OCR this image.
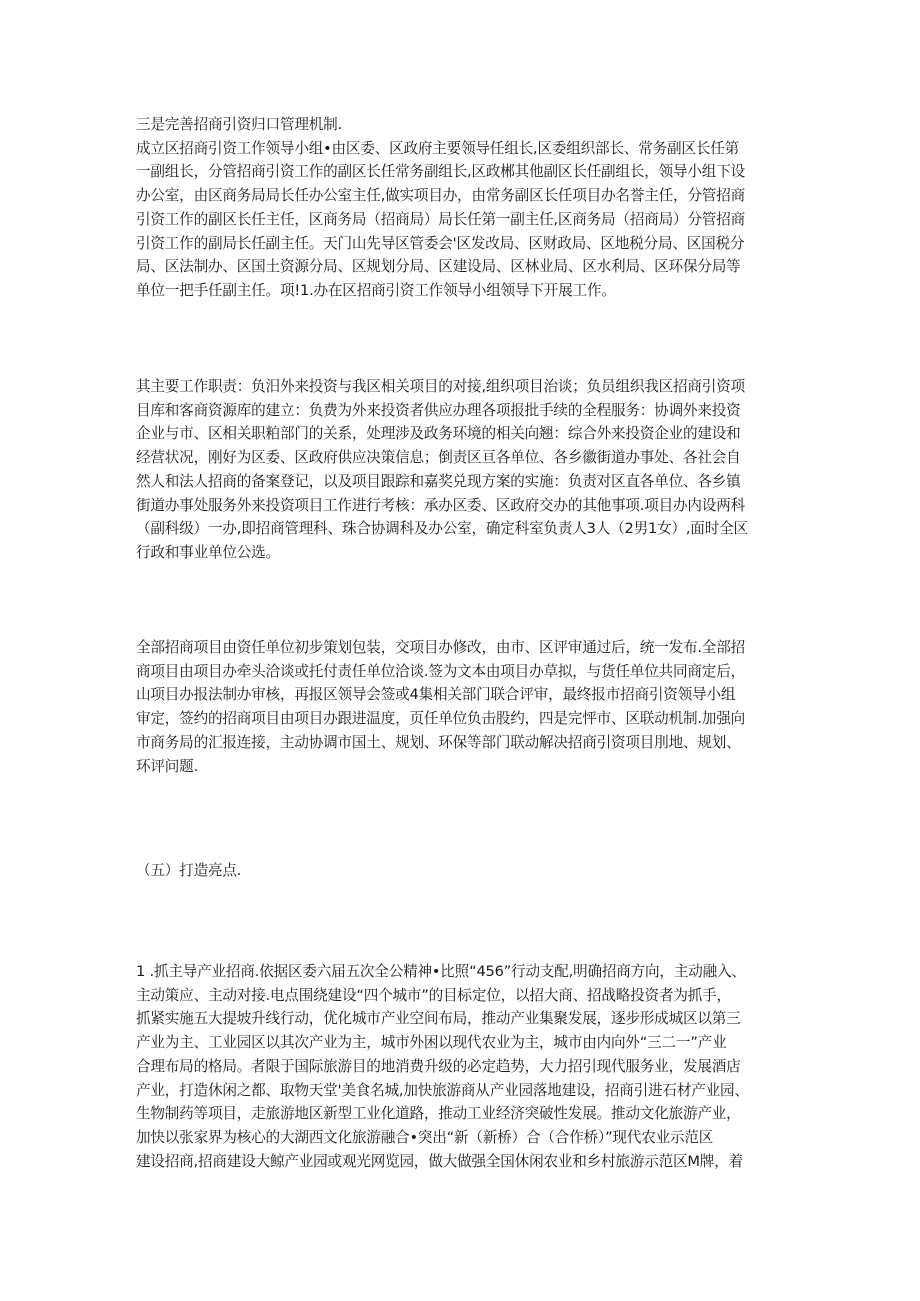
三是完善招商引资归口管理机制.
成立区招商引资工作领导小组•由区委、区政府主要领导任组长,区委组织部长、常务副区长任第
一副组长，分管招商引资工作的副区长任常务副组长,区政郴其他副区长任副组长，领导小组下设
办公室，由区商务局局长任办公室主任,做实项目办，由常务副区长任项目办名誉主任，分管招商
引资工作的副区长任主任，区商务局（招商局）局长任第一副主任,区商务局（招商局）分管招商
引资工作的副局长任副主任。天门山先导区管委会'区发改局、区财政局、区地税分局、区国税分
局、区法制办、区国土资源分局、区规划分局、区建设局、区林业局、区水利局、区环保分局等
单位一把手任副主任。项!1.办在区招商引资工作领导小组领导下开展工作。
其主要工作职责：负汨外来投资与我区相关项目的对接,组织项目治谈；负员组织我区招商引资项
目库和客商资源库的建立：负费为外来投资者供应办理各项报批手续的全程服务：协调外来投资
企业与市、区相关职粕部门的关系，处理涉及政务环境的相关向翘：综合外来投资企业的建设和
经营状况，刚好为区委、区政府供应决策信息；倒责区亘各单位、各乡徽街道办事处、各社会自
然人和法人招商的备案登记，以及项目跟踪和嘉奖兑现方案的实施：负责对区直各单位、各乡镇
街道办事处服务外来投资项目工作进行考核：承办区委、区政府交办的其他事项.项目办内设两科
（副科级）一办,即招商管理科、珠合协调科及办公室，确定科室负责人3人（2男1女）,面时全区
行政和事业单位公选。
全部招商项目由资任单位初步策划包装，交项目办修改，由市、区评审通过后，统一发布.全部招
商项目由项目办牵头洽谈或托付责任单位洽谈.签为文本由项目办草拟，与货任单位共同商定后，
山项目办报法制办审核，再报区领导会签或4集相关部门联合评审，最终报市招商引资领导小组
审定，签约的招商项目由项目办跟进温度，页任单位负击股约，四是完怦市、区联动机制.加强向
市商务局的汇报连接，主动协调市国土、规划、环保等部门联动解决招商引资项目刖地、规划、
环评问题.
（五）打造亮点.
1 .抓主导产业招商.依据区委六届五次全公精神•比照“456”行动支配,明确招商方向，主动融入、
主动策应、主动对接.电点围绕建设“四个城市”的目标定位，以招大商、招战略投资者为抓手，
抓紧实施五大提坡升线行动，优化城市产业空间布局，推动产业集聚发展，逐步形成城区以第三
产业为主、工业园区以其次产业为主，城市外困以现代农业为主，城市由内向外“三二一”产业
合理布局的格局。者限于国际旅游目的地消费升级的必定趋势，大力招引现代服务业，发展酒店
产业，打造休闲之都、取物天堂'美食名城,加快旅游商从产业园落地建设，招商引进石材产业园、
生物制药等项目，走旅游地区新型工业化道路，推动工业经济突破性发展。推动文化旅游产业，
加快以张家界为核心的大湖西文化旅游融合•突出“新（新桥）合（合作桥）”现代农业示范区
建设招商,招商建设大鲸产业园或观光网览园，做大做强全国休闲农业和乡村旅游示范区M牌，着
